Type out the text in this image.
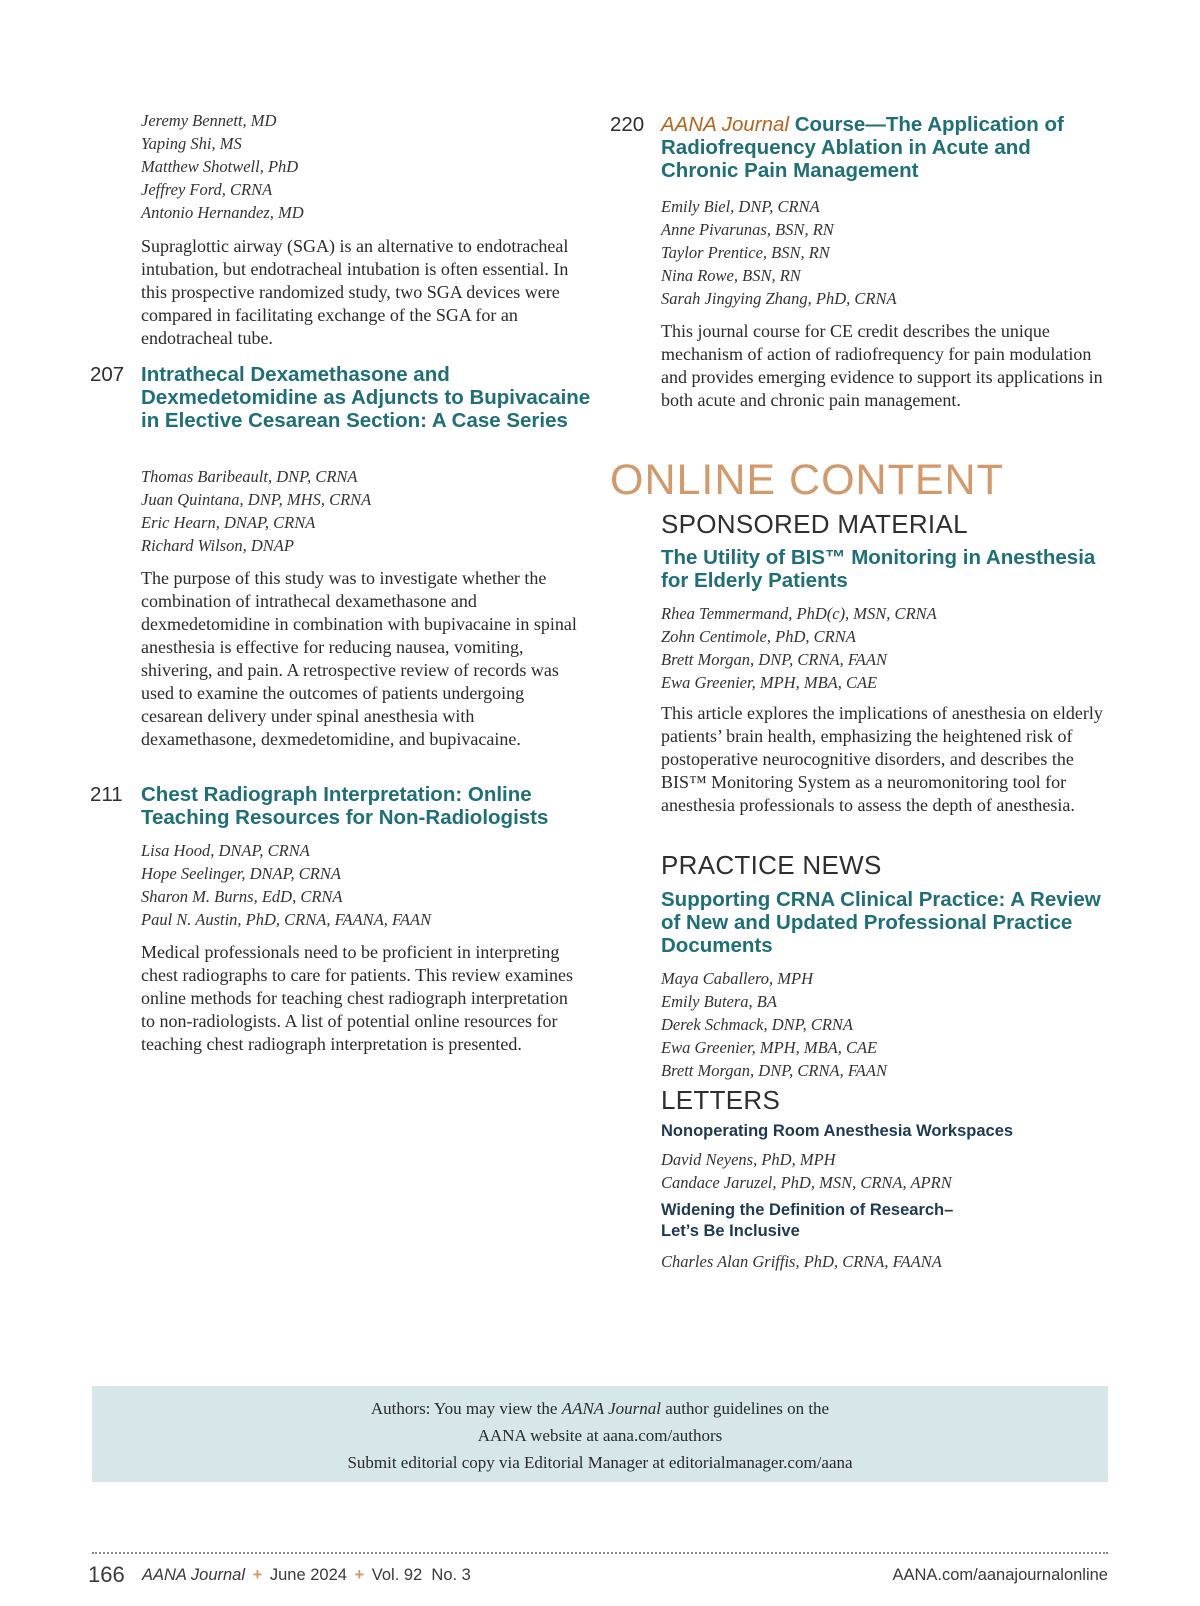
Jeremy Bennett, MD
Yaping Shi, MS
Matthew Shotwell, PhD
Jeffrey Ford, CRNA
Antonio Hernandez, MD

Supraglottic airway (SGA) is an alternative to endotracheal intubation, but endotracheal intubation is often essential. In this prospective randomized study, two SGA devices were compared in facilitating exchange of the SGA for an endotracheal tube.

207 Intrathecal Dexamethasone and Dexmedetomidine as Adjuncts to Bupivacaine in Elective Cesarean Section: A Case Series
Thomas Baribeault, DNP, CRNA
Juan Quintana, DNP, MHS, CRNA
Eric Hearn, DNAP, CRNA
Richard Wilson, DNAP

The purpose of this study was to investigate whether the combination of intrathecal dexamethasone and dexmedetomidine in combination with bupivacaine in spinal anesthesia is effective for reducing nausea, vomiting, shivering, and pain. A retrospective review of records was used to examine the outcomes of patients undergoing cesarean delivery under spinal anesthesia with dexamethasone, dexmedetomidine, and bupivacaine.

211 Chest Radiograph Interpretation: Online Teaching Resources for Non-Radiologists
Lisa Hood, DNAP, CRNA
Hope Seelinger, DNAP, CRNA
Sharon M. Burns, EdD, CRNA
Paul N. Austin, PhD, CRNA, FAANA, FAAN

Medical professionals need to be proficient in interpreting chest radiographs to care for patients. This review examines online methods for teaching chest radiograph interpretation to non-radiologists. A list of potential online resources for teaching chest radiograph interpretation is presented.

220 AANA Journal Course—The Application of Radiofrequency Ablation in Acute and Chronic Pain Management
Emily Biel, DNP, CRNA
Anne Pivarunas, BSN, RN
Taylor Prentice, BSN, RN
Nina Rowe, BSN, RN
Sarah Jingying Zhang, PhD, CRNA

This journal course for CE credit describes the unique mechanism of action of radiofrequency for pain modulation and provides emerging evidence to support its applications in both acute and chronic pain management.

ONLINE CONTENT
SPONSORED MATERIAL
The Utility of BIS™ Monitoring in Anesthesia for Elderly Patients
Rhea Temmermand, PhD(c), MSN, CRNA
Zohn Centimole, PhD, CRNA
Brett Morgan, DNP, CRNA, FAAN
Ewa Greenier, MPH, MBA, CAE

This article explores the implications of anesthesia on elderly patients’ brain health, emphasizing the heightened risk of postoperative neurocognitive disorders, and describes the BIS™ Monitoring System as a neuromonitoring tool for anesthesia professionals to assess the depth of anesthesia.

PRACTICE NEWS
Supporting CRNA Clinical Practice: A Review of New and Updated Professional Practice Documents
Maya Caballero, MPH
Emily Butera, BA
Derek Schmack, DNP, CRNA
Ewa Greenier, MPH, MBA, CAE
Brett Morgan, DNP, CRNA, FAAN
LETTERS
Nonoperating Room Anesthesia Workspaces
David Neyens, PhD, MPH
Candace Jaruzel, PhD, MSN, CRNA, APRN
Widening the Definition of Research–
Let’s Be Inclusive
Charles Alan Griffis, PhD, CRNA, FAANA
Authors: You may view the AANA Journal author guidelines on the
AANA website at aana.com/authors
Submit editorial copy via Editorial Manager at editorialmanager.com/aana
166 AANA Journal + June 2024 + Vol. 92 No. 3	AANA.com/aanajournalonline
